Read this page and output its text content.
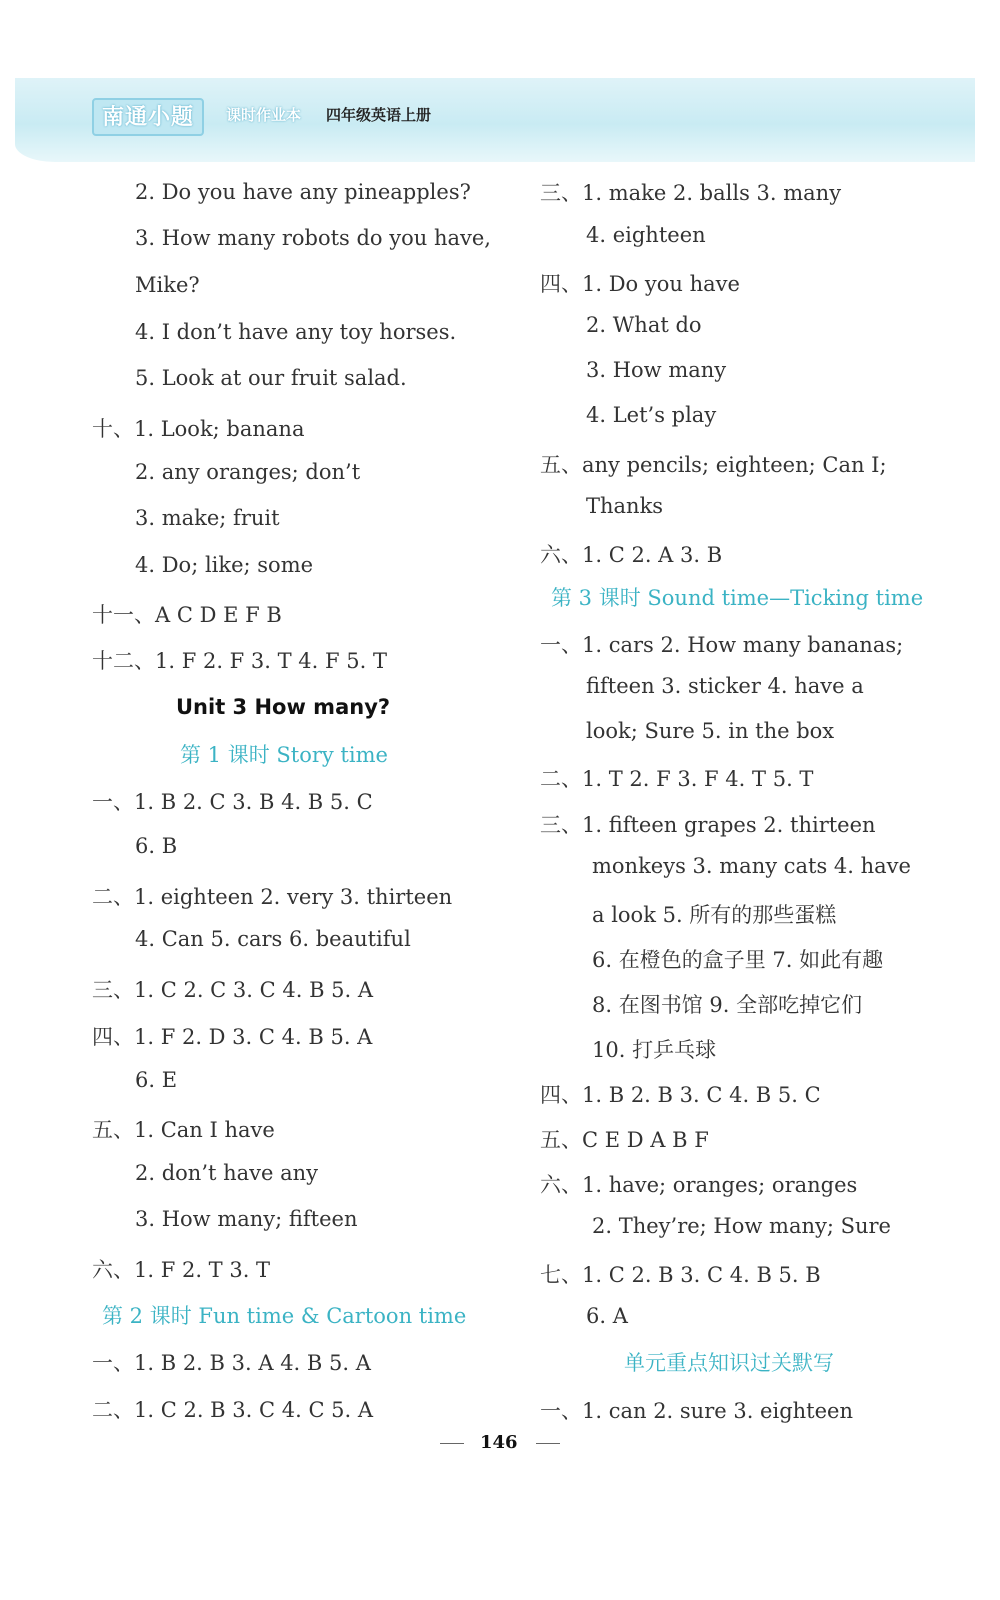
南通小题	课时作业本 四年级英语上册
2. Do you have any pineapples?
3. How many robots do you have,
Mike?
4. I don’t have any toy horses.
5. Look at our fruit salad.
十、1. Look; banana
2. any oranges; don’t
3. make; fruit
4. Do; like; some
十一、A C D E F B
十二、1. F 2. F 3. T 4. F 5. T
Unit 3 How many?
第 1 课时 Story time
一、1. B 2. C 3. B 4. B 5. C
6. B
二、1. eighteen 2. very 3. thirteen
4. Can 5. cars 6. beautiful
三、1. C 2. C 3. C 4. B 5. A
四、1. F 2. D 3. C 4. B 5. A
6. E
五、1. Can I have
2. don’t have any
3. How many; fifteen
六、1. F 2. T 3. T
第 2 课时 Fun time & Cartoon time
一、1. B 2. B 3. A 4. B 5. A
二、1. C 2. B 3. C 4. C 5. A
三、1. make 2. balls 3. many
4. eighteen
四、1. Do you have
2. What do
3. How many
4. Let’s play
五、any pencils; eighteen; Can I;
Thanks
六、1. C 2. A 3. B
第 3 课时 Sound time—Ticking time
一、1. cars 2. How many bananas;
fifteen 3. sticker 4. have a
look; Sure 5. in the box
二、1. T 2. F 3. F 4. T 5. T
三、1. fifteen grapes 2. thirteen
monkeys 3. many cats 4. have
a look 5. 所有的那些蛋糕
6. 在橙色的盒子里 7. 如此有趣
8. 在图书馆 9. 全部吃掉它们
10. 打乒乓球
四、1. B 2. B 3. C 4. B 5. C
五、C E D A B F
六、1. have; oranges; oranges
2. They’re; How many; Sure
七、1. C 2. B 3. C 4. B 5. B
6. A
单元重点知识过关默写
一、1. can 2. sure 3. eighteen
146
